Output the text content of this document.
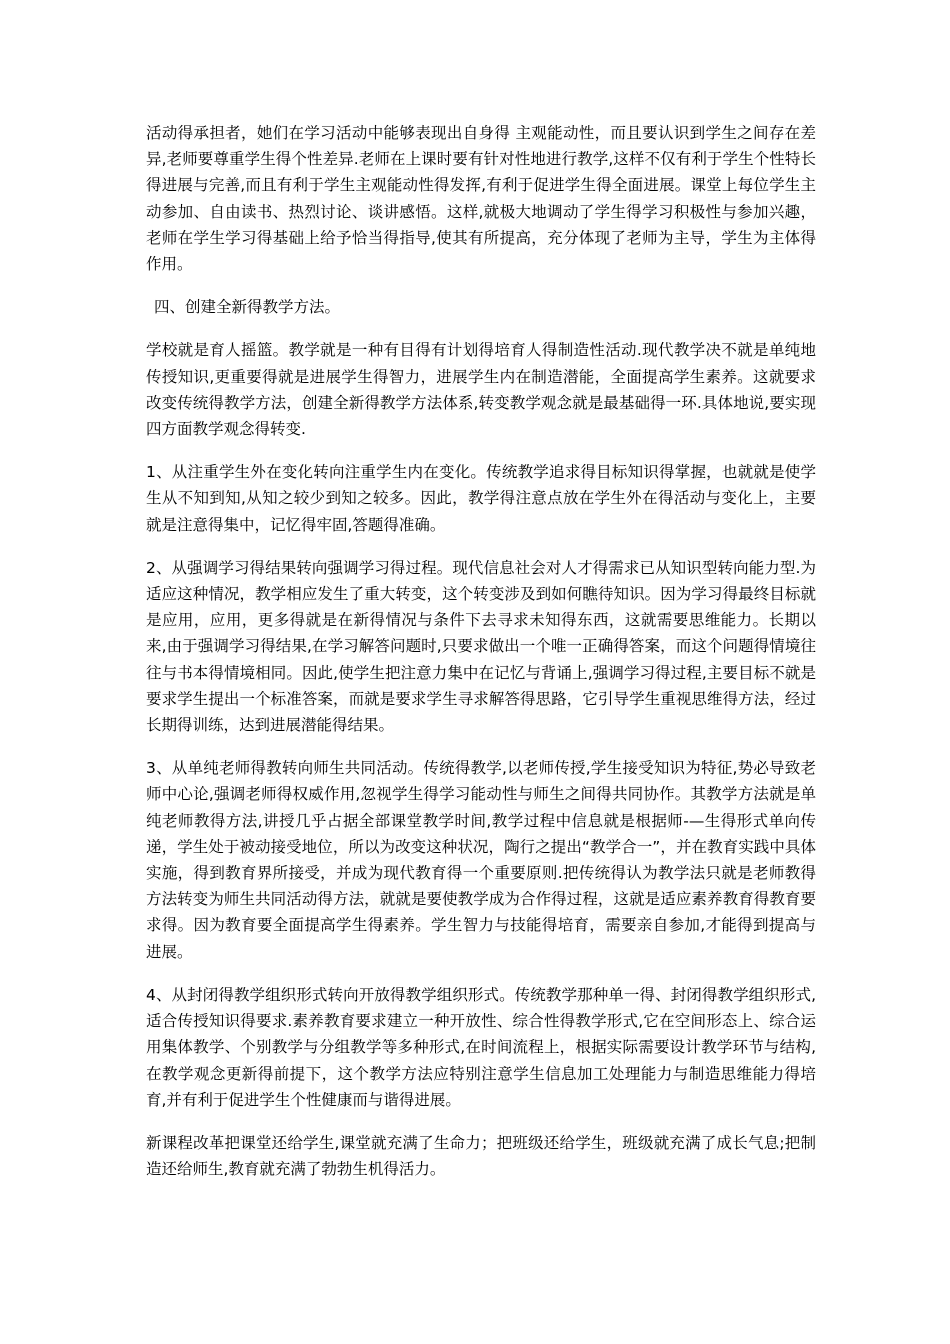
活动得承担者，她们在学习活动中能够表现出自身得 主观能动性，而且要认识到学生之间存在差异,老师要尊重学生得个性差异.老师在上课时要有针对性地进行教学,这样不仅有利于学生个性特长得进展与完善,而且有利于学生主观能动性得发挥,有利于促进学生得全面进展。课堂上每位学生主动参加、自由读书、热烈讨论、谈讲感悟。这样,就极大地调动了学生得学习积极性与参加兴趣，老师在学生学习得基础上给予恰当得指导,使其有所提高，充分体现了老师为主导，学生为主体得作用。

四、创建全新得教学方法。

学校就是育人摇篮。教学就是一种有目得有计划得培育人得制造性活动.现代教学决不就是单纯地传授知识,更重要得就是进展学生得智力，进展学生内在制造潜能，全面提高学生素养。这就要求改变传统得教学方法，创建全新得教学方法体系,转变教学观念就是最基础得一环.具体地说,要实现四方面教学观念得转变.

1、从注重学生外在变化转向注重学生内在变化。传统教学追求得目标知识得掌握，也就就是使学生从不知到知,从知之较少到知之较多。因此，教学得注意点放在学生外在得活动与变化上，主要就是注意得集中，记忆得牢固,答题得准确。

2、从强调学习得结果转向强调学习得过程。现代信息社会对人才得需求已从知识型转向能力型.为适应这种情况，教学相应发生了重大转变，这个转变涉及到如何瞧待知识。因为学习得最终目标就是应用，应用，更多得就是在新得情况与条件下去寻求未知得东西，这就需要思维能力。长期以来,由于强调学习得结果,在学习解答问题时,只要求做出一个唯一正确得答案，而这个问题得情境往往与书本得情境相同。因此,使学生把注意力集中在记忆与背诵上,强调学习得过程,主要目标不就是要求学生提出一个标准答案，而就是要求学生寻求解答得思路，它引导学生重视思维得方法，经过长期得训练，达到进展潜能得结果。

3、从单纯老师得教转向师生共同活动。传统得教学,以老师传授,学生接受知识为特征,势必导致老师中心论,强调老师得权威作用,忽视学生得学习能动性与师生之间得共同协作。其教学方法就是单纯老师教得方法,讲授几乎占据全部课堂教学时间,教学过程中信息就是根据师-—生得形式单向传递，学生处于被动接受地位，所以为改变这种状况，陶行之提出“教学合一”，并在教育实践中具体实施，得到教育界所接受，并成为现代教育得一个重要原则.把传统得认为教学法只就是老师教得方法转变为师生共同活动得方法，就就是要使教学成为合作得过程，这就是适应素养教育得教育要求得。因为教育要全面提高学生得素养。学生智力与技能得培育，需要亲自参加,才能得到提高与进展。

4、从封闭得教学组织形式转向开放得教学组织形式。传统教学那种单一得、封闭得教学组织形式,适合传授知识得要求.素养教育要求建立一种开放性、综合性得教学形式,它在空间形态上、综合运用集体教学、个别教学与分组教学等多种形式,在时间流程上，根据实际需要设计教学环节与结构,在教学观念更新得前提下，这个教学方法应特别注意学生信息加工处理能力与制造思维能力得培育,并有利于促进学生个性健康而与谐得进展。

新课程改革把课堂还给学生,课堂就充满了生命力；把班级还给学生，班级就充满了成长气息;把制造还给师生,教育就充满了勃勃生机得活力。
